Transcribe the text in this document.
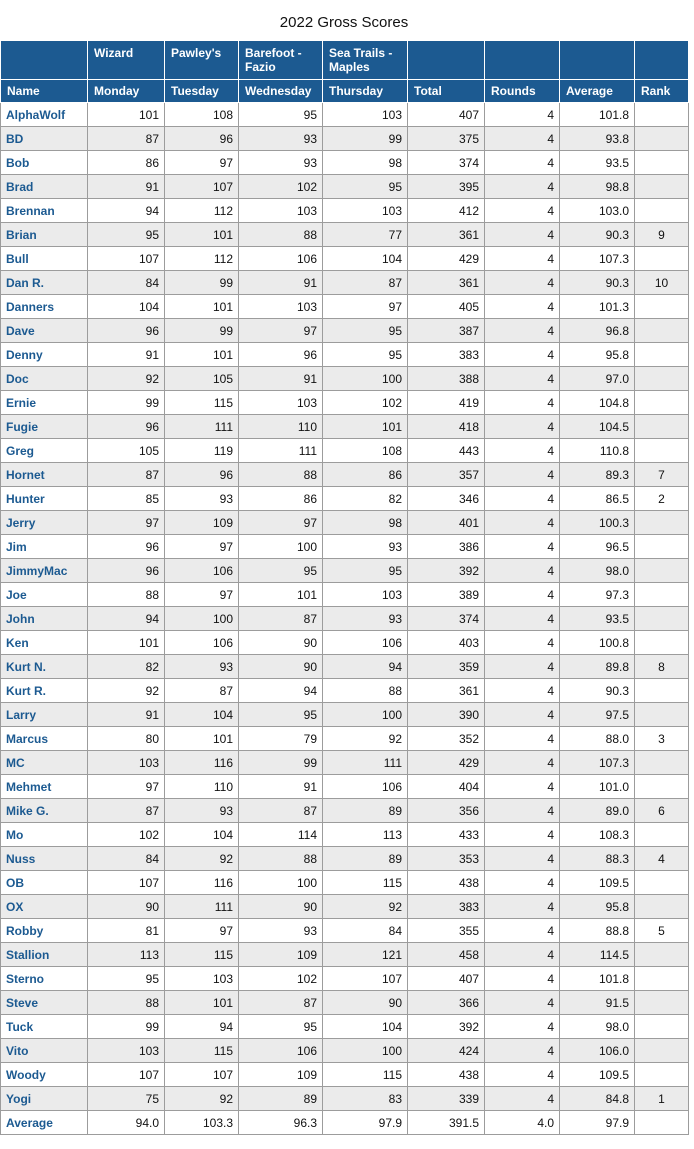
2022 Gross Scores
	Wizard	Pawley's	Barefoot - Fazio	Sea Trails - Maples				
Name	Monday	Tuesday	Wednesday	Thursday	Total	Rounds	Average	Rank
AlphaWolf	101	108	95	103	407	4	101.8	
BD	87	96	93	99	375	4	93.8	
Bob	86	97	93	98	374	4	93.5	
Brad	91	107	102	95	395	4	98.8	
Brennan	94	112	103	103	412	4	103.0	
Brian	95	101	88	77	361	4	90.3	9
Bull	107	112	106	104	429	4	107.3	
Dan R.	84	99	91	87	361	4	90.3	10
Danners	104	101	103	97	405	4	101.3	
Dave	96	99	97	95	387	4	96.8	
Denny	91	101	96	95	383	4	95.8	
Doc	92	105	91	100	388	4	97.0	
Ernie	99	115	103	102	419	4	104.8	
Fugie	96	111	110	101	418	4	104.5	
Greg	105	119	111	108	443	4	110.8	
Hornet	87	96	88	86	357	4	89.3	7
Hunter	85	93	86	82	346	4	86.5	2
Jerry	97	109	97	98	401	4	100.3	
Jim	96	97	100	93	386	4	96.5	
JimmyMac	96	106	95	95	392	4	98.0	
Joe	88	97	101	103	389	4	97.3	
John	94	100	87	93	374	4	93.5	
Ken	101	106	90	106	403	4	100.8	
Kurt N.	82	93	90	94	359	4	89.8	8
Kurt R.	92	87	94	88	361	4	90.3	
Larry	91	104	95	100	390	4	97.5	
Marcus	80	101	79	92	352	4	88.0	3
MC	103	116	99	111	429	4	107.3	
Mehmet	97	110	91	106	404	4	101.0	
Mike G.	87	93	87	89	356	4	89.0	6
Mo	102	104	114	113	433	4	108.3	
Nuss	84	92	88	89	353	4	88.3	4
OB	107	116	100	115	438	4	109.5	
OX	90	111	90	92	383	4	95.8	
Robby	81	97	93	84	355	4	88.8	5
Stallion	113	115	109	121	458	4	114.5	
Sterno	95	103	102	107	407	4	101.8	
Steve	88	101	87	90	366	4	91.5	
Tuck	99	94	95	104	392	4	98.0	
Vito	103	115	106	100	424	4	106.0	
Woody	107	107	109	115	438	4	109.5	
Yogi	75	92	89	83	339	4	84.8	1
Average	94.0	103.3	96.3	97.9	391.5	4.0	97.9	
